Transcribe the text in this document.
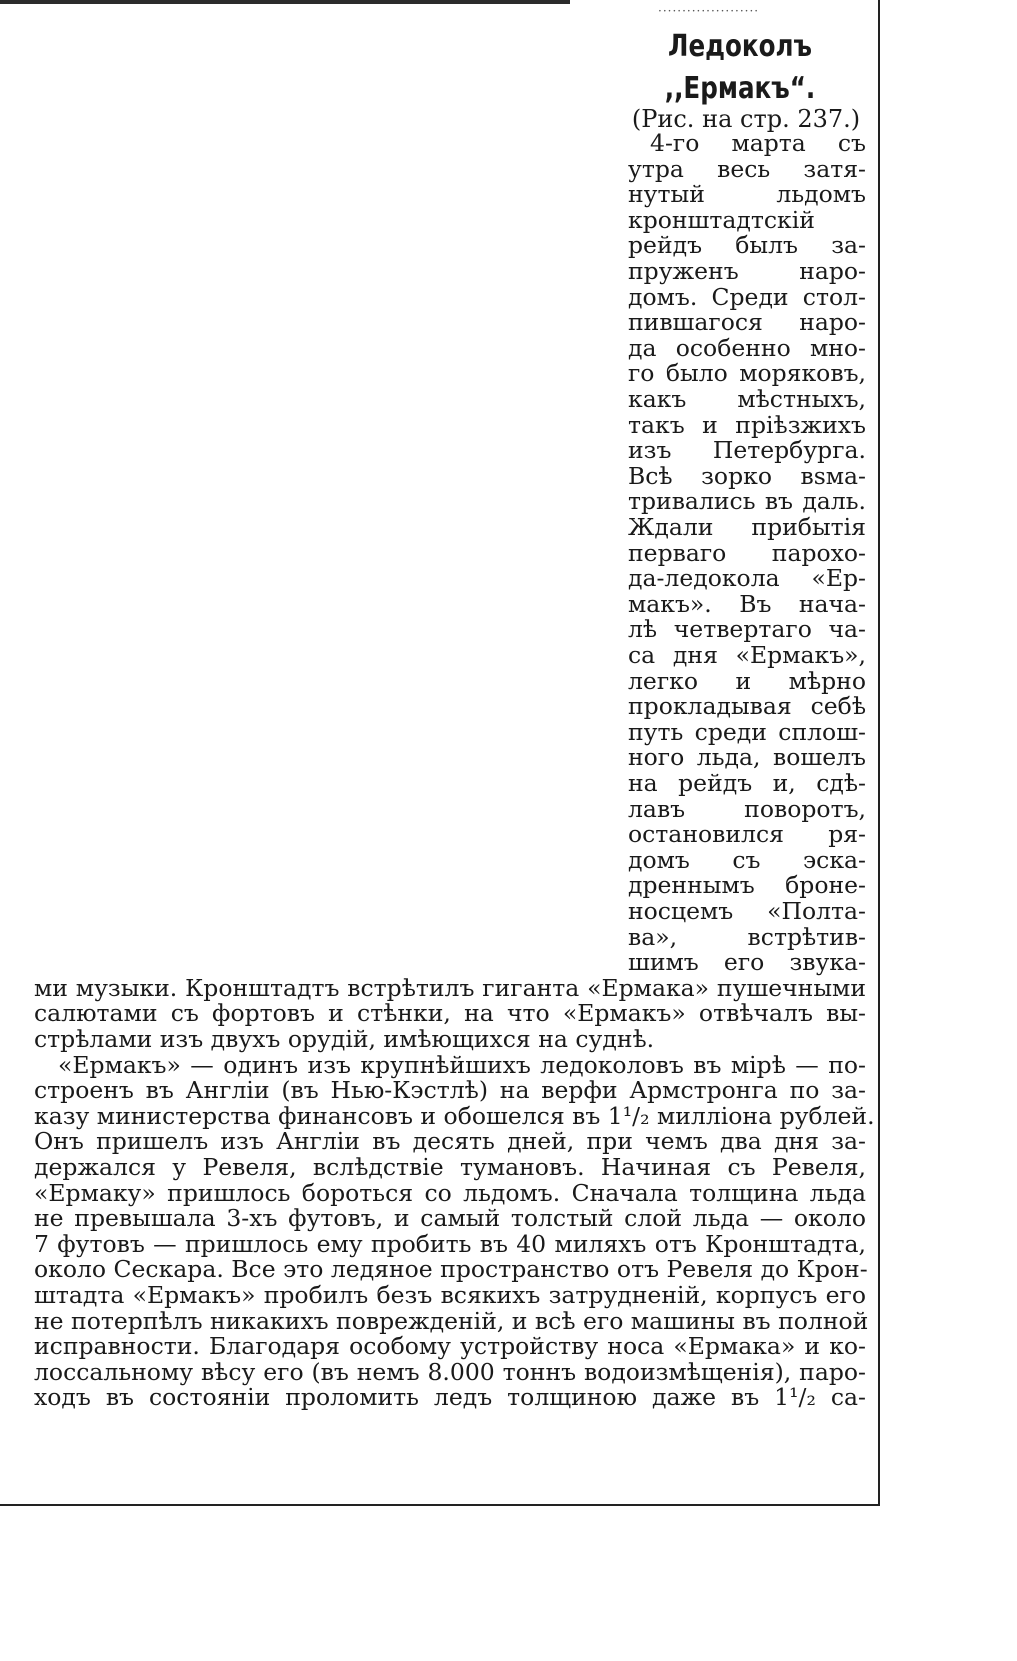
·····················
Ледоколъ
,,Ермакъ“.
(Рис. на стр. 237.)
4-го марта съ
утра весь затя-
нутый льдомъ
кронштадтскій
рейдъ былъ за-
пруженъ наро-
домъ. Среди стол-
пившагося наро-
да особенно мно-
го было моряковъ,
какъ мѣстныхъ,
такъ и пріѣзжихъ
изъ Петербурга.
Всѣ зорко вsма-
тривались въ даль.
Ждали прибытія
перваго парохо-
да-ледокола «Ер-
макъ». Въ нача-
лѣ четвертаго ча-
са дня «Ермакъ»,
легко и мѣрно
прокладывая себѣ
путь среди сплош-
ного льда, вошелъ
на рейдъ и, сдѣ-
лавъ поворотъ,
остановился ря-
домъ съ эска-
дреннымъ броне-
носцемъ «Полта-
ва», встрѣтив-
шимъ его звука-
ми музыки. Кронштадтъ встрѣтилъ гиганта «Ермака» пушечными
салютами съ фортовъ и стѣнки, на что «Ермакъ» отвѣчалъ вы-
стрѣлами изъ двухъ орудій, имѣющихся на суднѣ.
«Ермакъ» — одинъ изъ крупнѣйшихъ ледоколовъ въ мірѣ — по-
строенъ въ Англіи (въ Нью-Кэстлѣ) на верфи Армстронга по за-
казу министерства финансовъ и обошелся въ 1¹/₂ милліона рублей.
Онъ пришелъ изъ Англіи въ десять дней, при чемъ два дня за-
держался у Ревеля, вслѣдствіе тумановъ. Начиная съ Ревеля,
«Ермаку» пришлось бороться со льдомъ. Сначала толщина льда
не превышала 3-хъ футовъ, и самый толстый слой льда — около
7 футовъ — пришлось ему пробить въ 40 миляхъ отъ Кронштадта,
около Сескара. Все это ледяное пространство отъ Ревеля до Крон-
штадта «Ермакъ» пробилъ безъ всякихъ затрудненій, корпусъ его
не потерпѣлъ никакихъ поврежденій, и всѣ его машины въ полной
исправности. Благодаря особому устройству носа «Ермака» и ко-
лоссальному вѣсу его (въ немъ 8.000 тоннъ водоизмѣщенія), паро-
ходъ въ состояніи проломить ледъ толщиною даже въ 1¹/₂ са-
